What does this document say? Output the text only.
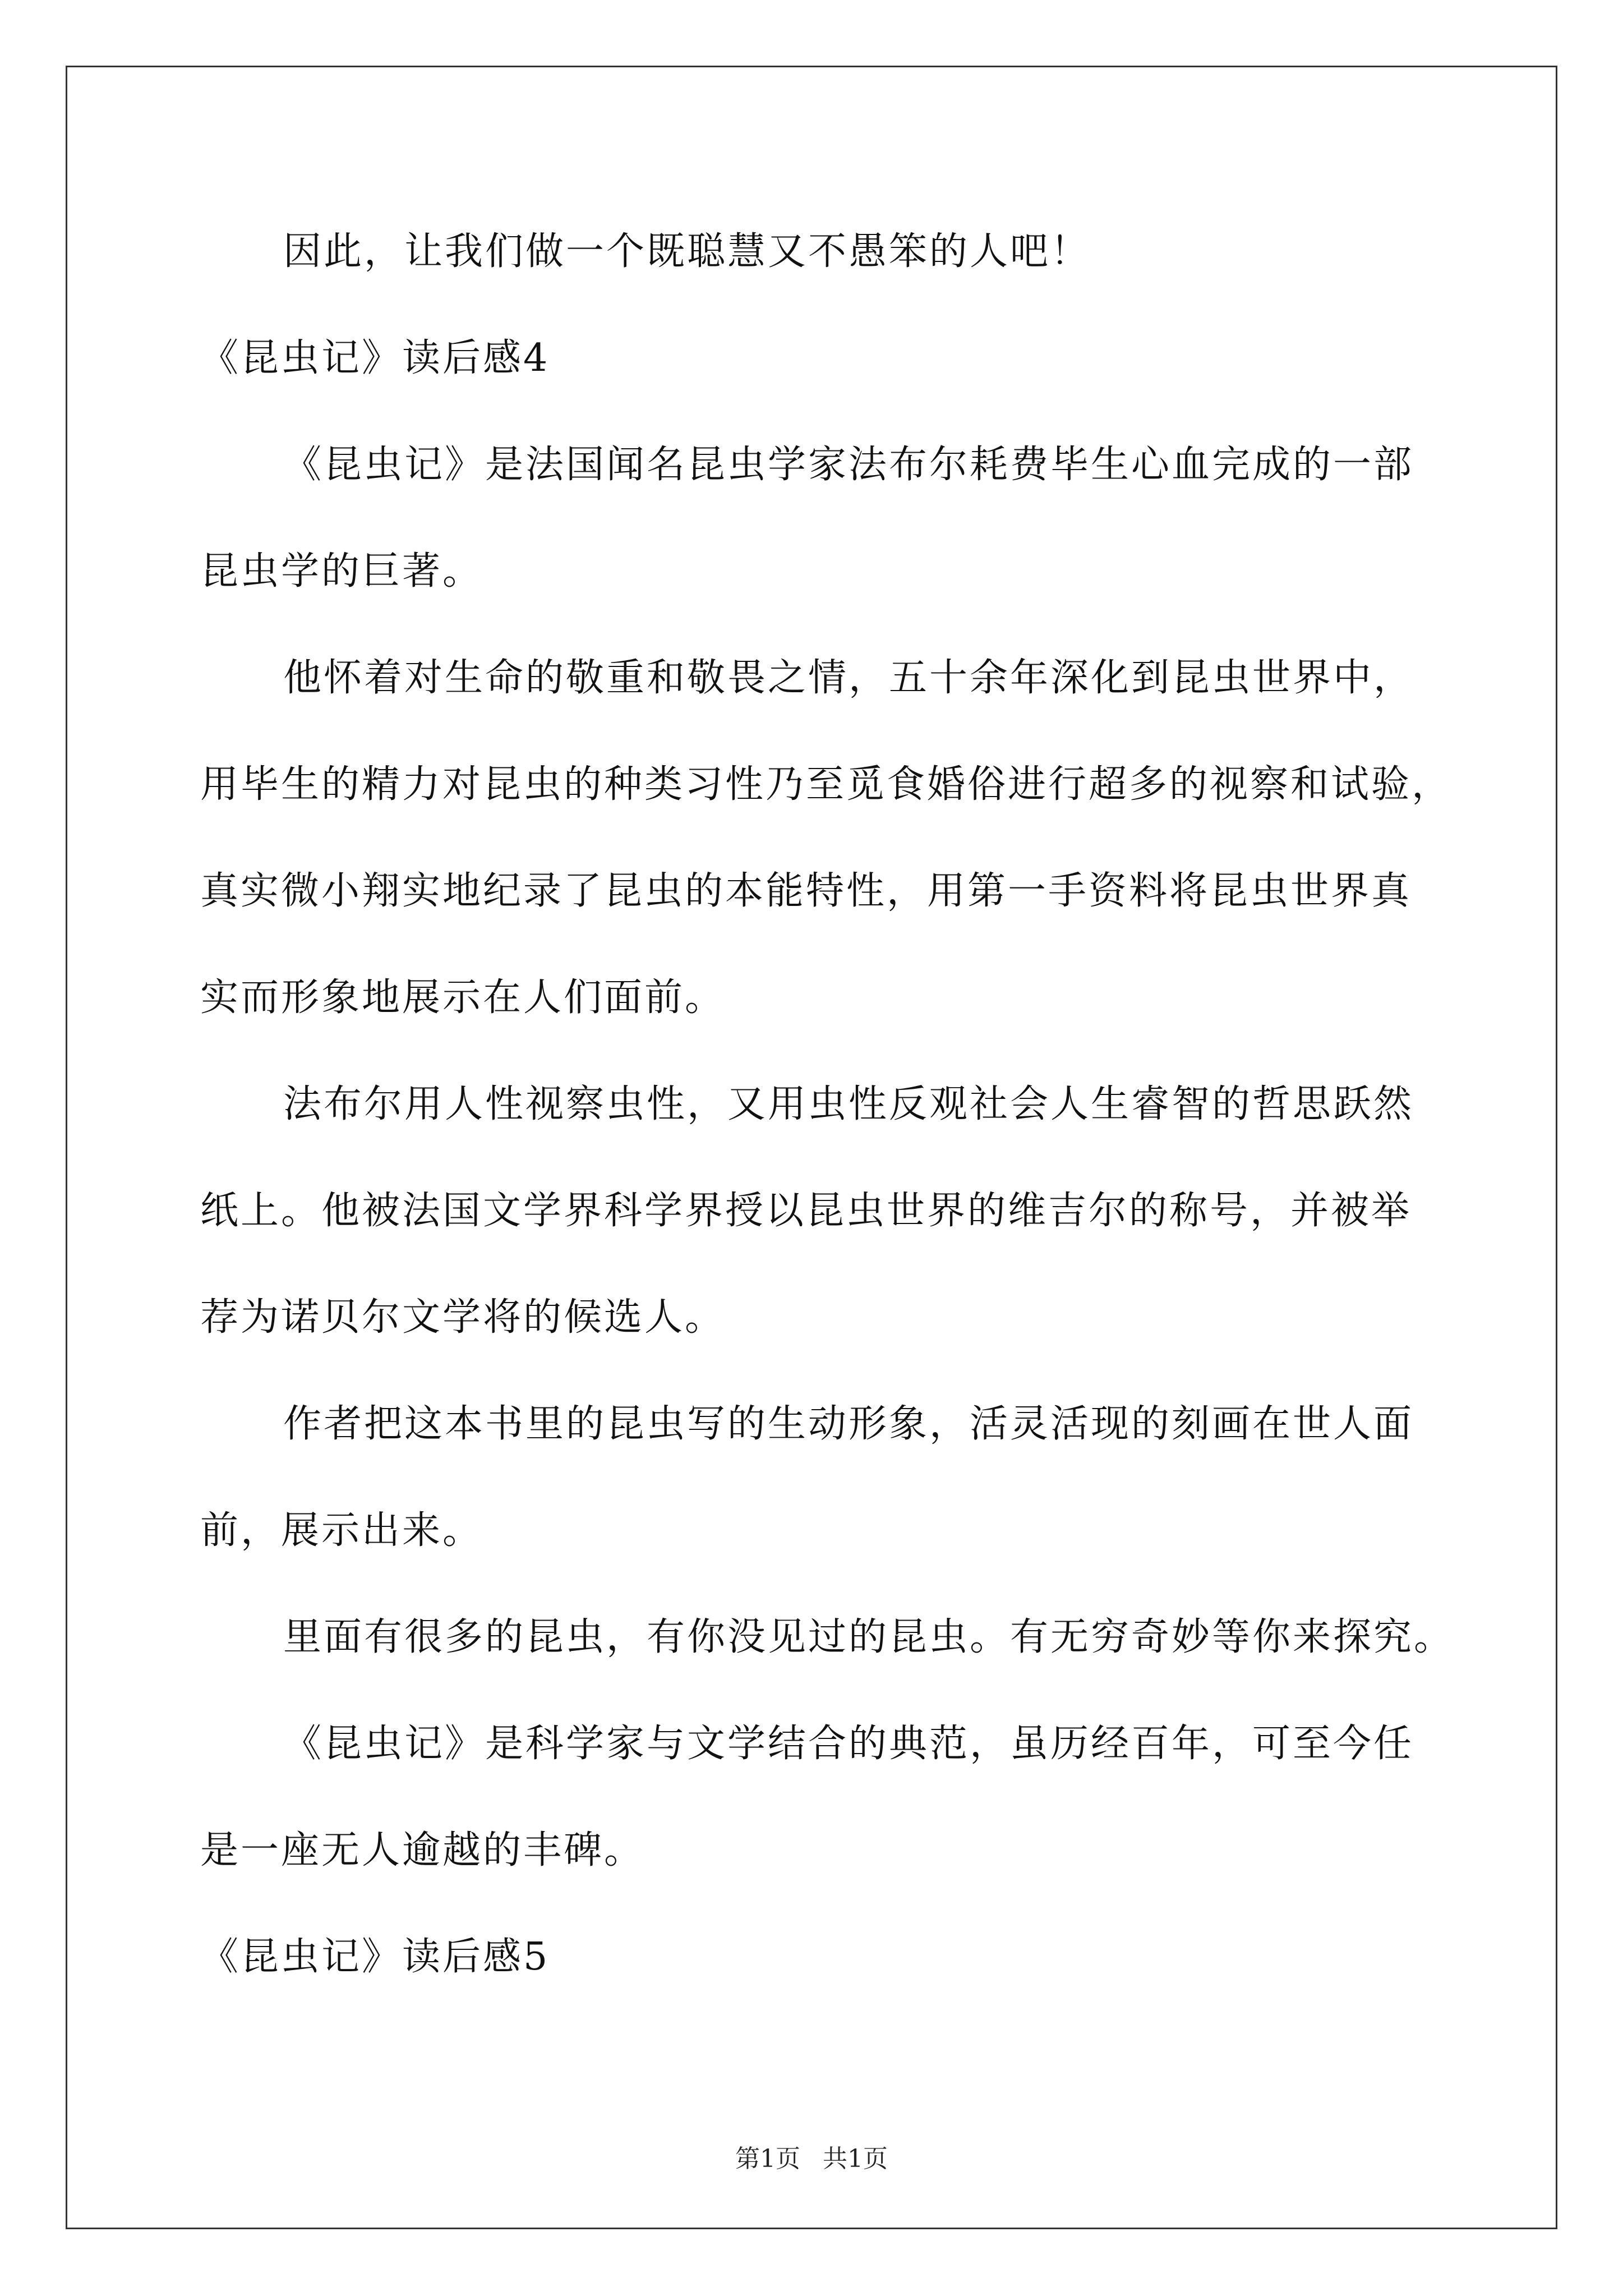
因此，让我们做一个既聪慧又不愚笨的人吧！
《昆虫记》读后感4
《昆虫记》是法国闻名昆虫学家法布尔耗费毕生心血完成的一部
昆虫学的巨著。
他怀着对生命的敬重和敬畏之情，五十余年深化到昆虫世界中，
用毕生的精力对昆虫的种类习性乃至觅食婚俗进行超多的视察和试验，
真实微小翔实地纪录了昆虫的本能特性，用第一手资料将昆虫世界真
实而形象地展示在人们面前。
法布尔用人性视察虫性，又用虫性反观社会人生睿智的哲思跃然
纸上。他被法国文学界科学界授以昆虫世界的维吉尔的称号，并被举
荐为诺贝尔文学将的候选人。
作者把这本书里的昆虫写的生动形象，活灵活现的刻画在世人面
前，展示出来。
里面有很多的昆虫，有你没见过的昆虫。有无穷奇妙等你来探究。
《昆虫记》是科学家与文学结合的典范，虽历经百年，可至今任
是一座无人逾越的丰碑。
《昆虫记》读后感5
第1页 共1页
